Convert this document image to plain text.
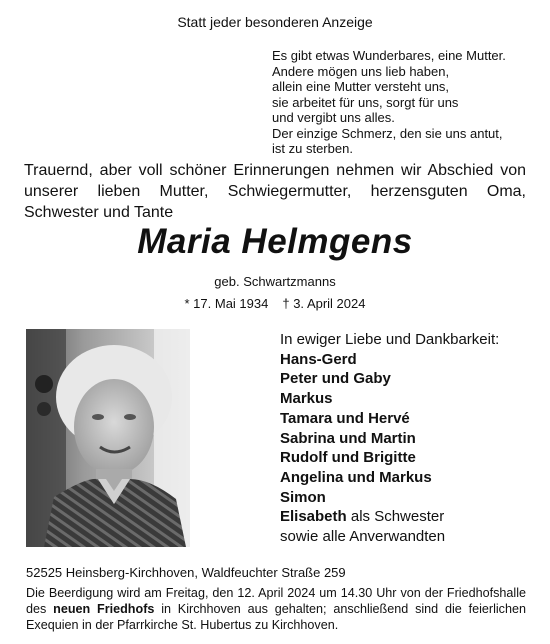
Statt jeder besonderen Anzeige
Es gibt etwas Wunderbares, eine Mutter.
Andere mögen uns lieb haben,
allein eine Mutter versteht uns,
sie arbeitet für uns, sorgt für uns
und vergibt uns alles.
Der einzige Schmerz, den sie uns antut,
ist zu sterben.
Trauernd, aber voll schöner Erinnerungen nehmen wir Abschied von unserer lieben Mutter, Schwiegermutter, herzensguten Oma, Schwester und Tante
Maria Helmgens
geb. Schwartzmanns
* 17. Mai 1934 † 3. April 2024
In ewiger Liebe und Dankbarkeit:
Hans-Gerd
Peter und Gaby
Markus
Tamara und Hervé
Sabrina und Martin
Rudolf und Brigitte
Angelina und Markus
Simon
Elisabeth als Schwester
sowie alle Anverwandten
52525 Heinsberg-Kirchhoven, Waldfeuchter Straße 259
Die Beerdigung wird am Freitag, den 12. April 2024 um 14.30 Uhr von der Friedhofshalle des neuen Friedhofs in Kirchhoven aus gehalten; anschließend sind die feierlichen Exequien in der Pfarrkirche St. Hubertus zu Kirchhoven.
